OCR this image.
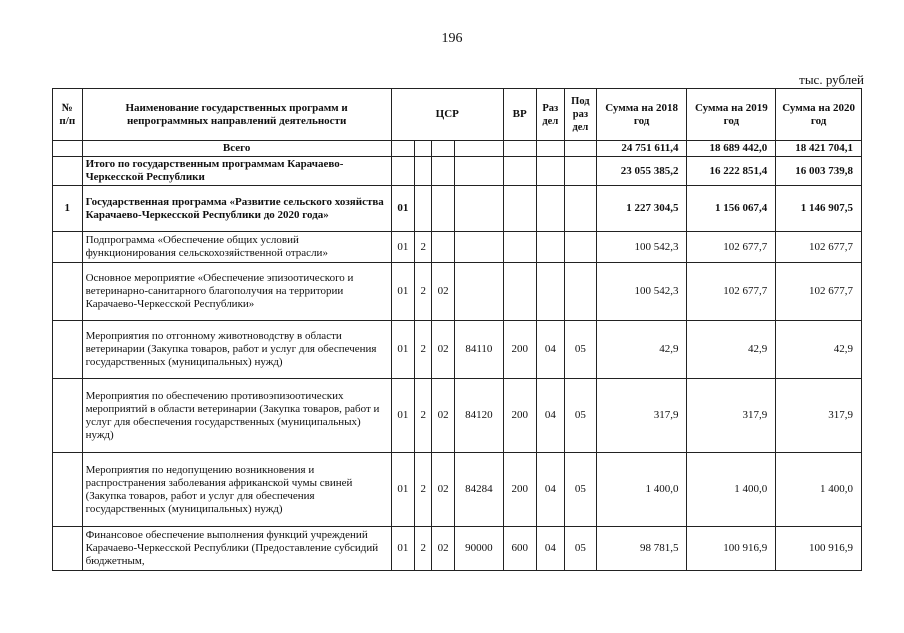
196
тыс. рублей
№ п/п	Наименование государственных программ и непрограммных направлений деятельности	ЦСР				ВР	Раз дел	Под раз дел	Сумма на 2018 год	Сумма на 2019 год	Сумма на 2020 год
	Всего								24 751 611,4	18 689 442,0	18 421 704,1
	Итого по государственным программам Карачаево-Черкесской Республики								23 055 385,2	16 222 851,4	16 003 739,8
1	Государственная программа «Развитие сельского хозяйства Карачаево-Черкесской Республики до 2020 года»	01							1 227 304,5	1 156 067,4	1 146 907,5
	Подпрограмма «Обеспечение общих условий функционирования сельскохозяйственной отрасли»	01	2						100 542,3	102 677,7	102 677,7
	Основное мероприятие «Обеспечение эпизоотического и ветеринарно-санитарного благополучия на территории Карачаево-Черкесской Республики»	01	2	02					100 542,3	102 677,7	102 677,7
	Мероприятия по отгонному животноводству в области ветеринарии (Закупка товаров, работ и услуг для обеспечения государственных (муниципальных) нужд)	01	2	02	84110	200	04	05	42,9	42,9	42,9
	Мероприятия по обеспечению противоэпизоотических мероприятий в области ветеринарии (Закупка товаров, работ и услуг для обеспечения государственных (муниципальных) нужд)	01	2	02	84120	200	04	05	317,9	317,9	317,9
	Мероприятия по недопущению возникновения и распространения заболевания африканской чумы свиней (Закупка товаров, работ и услуг для обеспечения государственных (муниципальных) нужд)	01	2	02	84284	200	04	05	1 400,0	1 400,0	1 400,0
	Финансовое обеспечение выполнения функций учреждений Карачаево-Черкесской Республики (Предоставление субсидий бюджетным,	01	2	02	90000	600	04	05	98 781,5	100 916,9	100 916,9
